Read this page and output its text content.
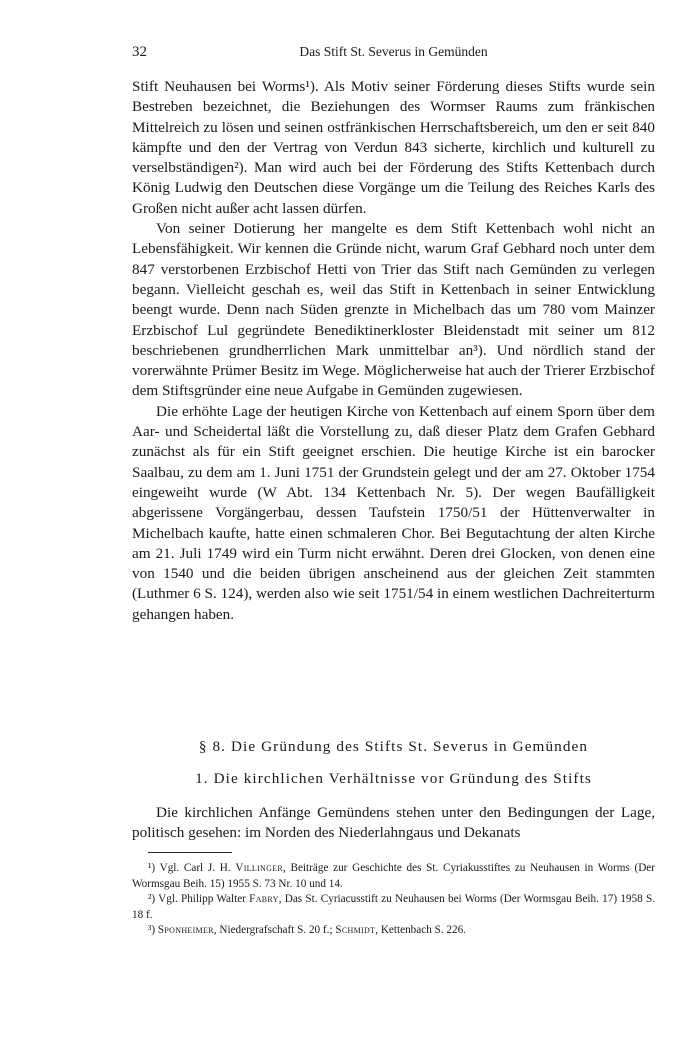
32	Das Stift St. Severus in Gemünden

Stift Neuhausen bei Worms¹). Als Motiv seiner Förderung dieses Stifts wurde sein Bestreben bezeichnet, die Beziehungen des Wormser Raums zum fränkischen Mittelreich zu lösen und seinen ostfränkischen Herrschaftsbereich, um den er seit 840 kämpfte und den der Vertrag von Verdun 843 sicherte, kirchlich und kulturell zu verselbständigen²). Man wird auch bei der Förderung des Stifts Kettenbach durch König Ludwig den Deutschen diese Vorgänge um die Teilung des Reiches Karls des Großen nicht außer acht lassen dürfen.

Von seiner Dotierung her mangelte es dem Stift Kettenbach wohl nicht an Lebensfähigkeit. Wir kennen die Gründe nicht, warum Graf Gebhard noch unter dem 847 verstorbenen Erzbischof Hetti von Trier das Stift nach Gemünden zu verlegen begann. Vielleicht geschah es, weil das Stift in Kettenbach in seiner Entwicklung beengt wurde. Denn nach Süden grenzte in Michelbach das um 780 vom Mainzer Erzbischof Lul gegründete Benediktinerkloster Bleidenstadt mit seiner um 812 beschriebenen grundherrlichen Mark unmittelbar an³). Und nördlich stand der vorerwähnte Prümer Besitz im Wege. Möglicherweise hat auch der Trierer Erzbischof dem Stiftsgründer eine neue Aufgabe in Gemünden zugewiesen.

Die erhöhte Lage der heutigen Kirche von Kettenbach auf einem Sporn über dem Aar- und Scheidertal läßt die Vorstellung zu, daß dieser Platz dem Grafen Gebhard zunächst als für ein Stift geeignet erschien. Die heutige Kirche ist ein barocker Saalbau, zu dem am 1. Juni 1751 der Grundstein gelegt und der am 27. Oktober 1754 eingeweiht wurde (W Abt. 134 Kettenbach Nr. 5). Der wegen Baufälligkeit abgerissene Vorgängerbau, dessen Taufstein 1750/51 der Hüttenverwalter in Michelbach kaufte, hatte einen schmaleren Chor. Bei Begutachtung der alten Kirche am 21. Juli 1749 wird ein Turm nicht erwähnt. Deren drei Glocken, von denen eine von 1540 und die beiden übrigen anscheinend aus der gleichen Zeit stammten (Luthmer 6 S. 124), werden also wie seit 1751/54 in einem westlichen Dachreiterturm gehangen haben.

§ 8. Die Gründung des Stifts St. Severus in Gemünden
1. Die kirchlichen Verhältnisse vor Gründung des Stifts

Die kirchlichen Anfänge Gemündens stehen unter den Bedingungen der Lage, politisch gesehen: im Norden des Niederlahngaus und Dekanats

¹) Vgl. Carl J. H. Villinger, Beiträge zur Geschichte des St. Cyriakusstiftes zu Neuhausen in Worms (Der Wormsgau Beih. 15) 1955 S. 73 Nr. 10 und 14.

²) Vgl. Philipp Walter Fabry, Das St. Cyriacusstift zu Neuhausen bei Worms (Der Wormsgau Beih. 17) 1958 S. 18 f.

³) Sponheimer, Niedergrafschaft S. 20 f.; Schmidt, Kettenbach S. 226.
